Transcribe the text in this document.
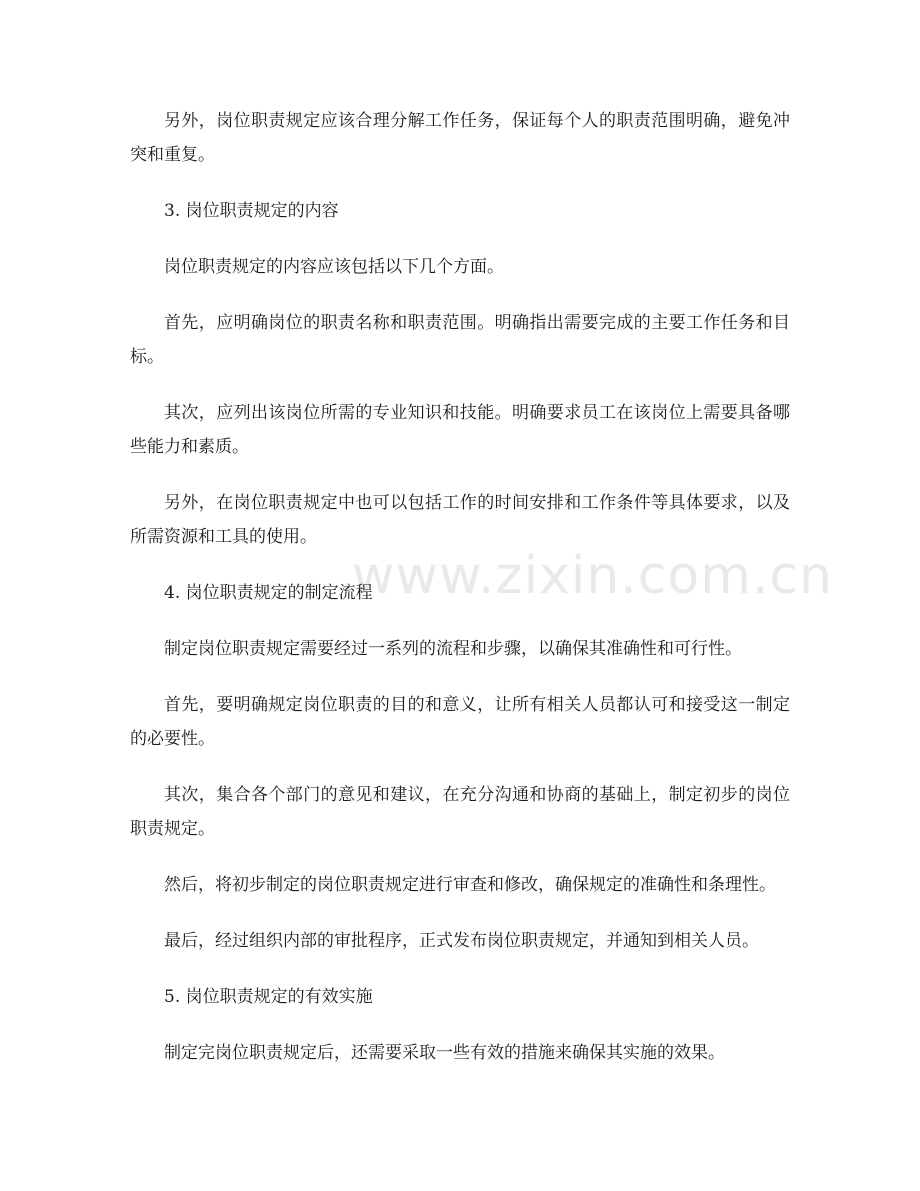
另外，岗位职责规定应该合理分解工作任务，保证每个人的职责范围明确，避免冲突和重复。

3. 岗位职责规定的内容

岗位职责规定的内容应该包括以下几个方面。

首先，应明确岗位的职责名称和职责范围。明确指出需要完成的主要工作任务和目标。

其次，应列出该岗位所需的专业知识和技能。明确要求员工在该岗位上需要具备哪些能力和素质。

另外，在岗位职责规定中也可以包括工作的时间安排和工作条件等具体要求，以及所需资源和工具的使用。

4. 岗位职责规定的制定流程

制定岗位职责规定需要经过一系列的流程和步骤，以确保其准确性和可行性。

首先，要明确规定岗位职责的目的和意义，让所有相关人员都认可和接受这一制定的必要性。

其次，集合各个部门的意见和建议，在充分沟通和协商的基础上，制定初步的岗位职责规定。

然后，将初步制定的岗位职责规定进行审查和修改，确保规定的准确性和条理性。

最后，经过组织内部的审批程序，正式发布岗位职责规定，并通知到相关人员。

5. 岗位职责规定的有效实施

制定完岗位职责规定后，还需要采取一些有效的措施来确保其实施的效果。

www.zixin.com.cn
